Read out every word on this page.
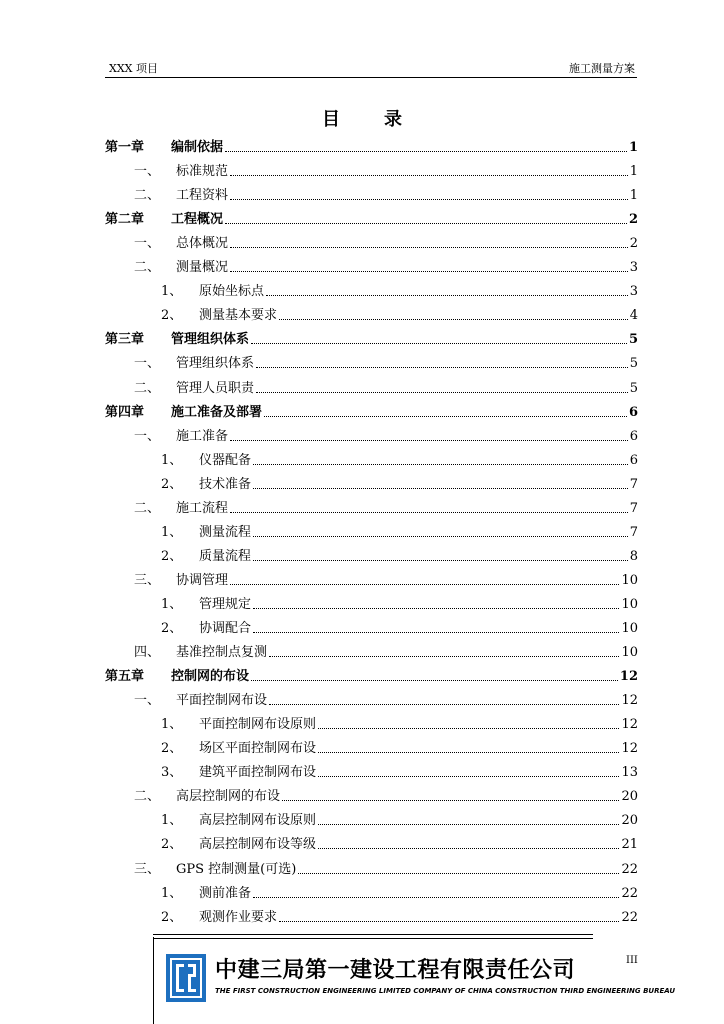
XXX 项目	施工测量方案
目 录
第一章	编制依据	1
一、	标准规范	1
二、	工程资料	1
第二章	工程概况	2
一、	总体概况	2
二、	测量概况	3
1、	原始坐标点	3
2、	测量基本要求	4
第三章	管理组织体系	5
一、	管理组织体系	5
二、	管理人员职责	5
第四章	施工准备及部署	6
一、	施工准备	6
1、	仪器配备	6
2、	技术准备	7
二、	施工流程	7
1、	测量流程	7
2、	质量流程	8
三、	协调管理	10
1、	管理规定	10
2、	协调配合	10
四、	基准控制点复测	10
第五章	控制网的布设	12
一、	平面控制网布设	12
1、	平面控制网布设原则	12
2、	场区平面控制网布设	12
3、	建筑平面控制网布设	13
二、	高层控制网的布设	20
1、	高层控制网布设原则	20
2、	高层控制网布设等级	21
三、	GPS 控制测量(可选)	22
1、	测前准备	22
2、	观测作业要求	22
中建三局第一建设工程有限责任公司
THE FIRST CONSTRUCTION ENGINEERING LIMITED COMPANY OF CHINA CONSTRUCTION THIRD ENGINEERING BUREAU
III
